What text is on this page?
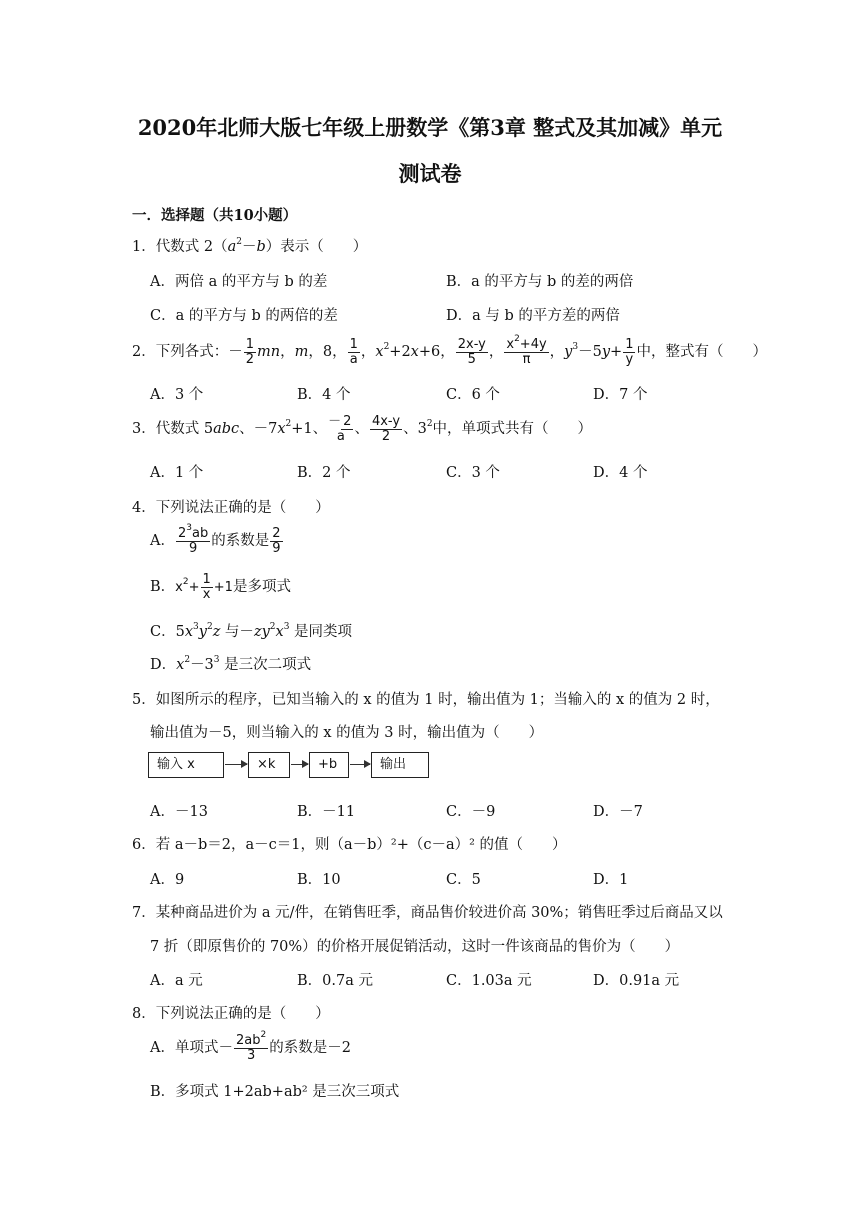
2020年北师大版七年级上册数学《第3章 整式及其加减》单元
测试卷
一．选择题（共10小题）
1．代数式 $2(a^2-b)$表示（　　）
A．两倍 a 的平方与 b 的差	B．a 的平方与 b 的差的两倍
C．a 的平方与 b 的两倍的差	D．a 与 b 的平方差的两倍
2．下列各式：－ $\frac{1}{2}$ mn，m，8， $\frac{1}{a}$ ，$x^2+2x+6$， $\frac{2x-y}{5}$ ， $\frac{x^2+4y}{\pi}$ ，$y^3-5y+ \frac{1}{y}$ 中，整式有（　　）
A．3 个	B．4 个	C．6 个	D．7 个
3．代数式 5abc、$-7x^2+1$、－ 2
a 、 $\frac{4x-y}{2}$ 、$3^2$中，单项式共有（　　）
A．1 个	B．2 个	C．3 个	D．4 个
4．下列说法正确的是（　　）
A． $\frac{2^3ab}{9}$ 的系数是 $\frac{2}{9}$
B．$x^2+ \frac{1}{x} +1$是多项式
C．$5x^3y^2z$ 与$-zy^2x^3$ 是同类项
D．$x^2-3^3$ 是三次二项式
5．如图所示的程序，已知当输入的 x 的值为 1 时，输出值为 1；当输入的 x 的值为 2 时，
输出值为－5，则当输入的 x 的值为 3 时，输出值为（　　）
输入 x	×k	+b	输出
A．－13	B．－11	C．－9	D．－7
6．若 a－b＝2，a－c＝1，则（a－b）²+（c－a）² 的值（　　）
A．9	B．10	C．5	D．1
7．某种商品进价为 a 元/件，在销售旺季，商品售价较进价高 30%；销售旺季过后商品又以
7 折（即原售价的 70%）的价格开展促销活动，这时一件该商品的售价为（　　）
A．a 元	B．0.7a 元	C．1.03a 元	D．0.91a 元
8．下列说法正确的是（　　）
A．单项式－ $\frac{2ab^2}{3}$ 的系数是－2
B．多项式 1+2ab+ab² 是三次三项式
